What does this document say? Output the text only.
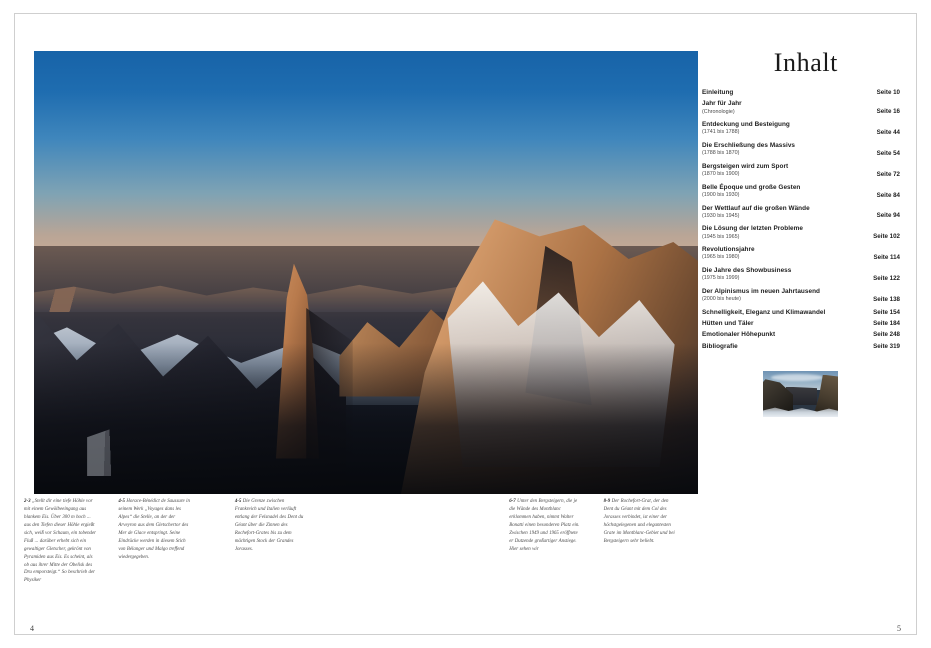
2-3 „Stellt dir eine tiefe Höhle vor mit einem Gewölbeeingang aus blankem Eis. Über 300 m hoch ... aus den Tiefen dieser Höhle ergießt sich, weiß vor Schaum, ein tobender Fluß ... darüber erhebt sich ein gewaltiger Gletscher, gekrönt von Pyramiden aus Eis. Es scheint, als ob aus ihrer Mitte der Obelisk des Dru emporsteigt.“ So beschrieb der Physiker
4-5 Horace-Bénédict de Saussure in seinem Werk „Voyages dans les Alpes“ die Stelle, an der der Arveyron aus dem Gletschertor des Mer de Glace entspringt. Seine Eindrücke werden in diesem Stich von Bélanger und Malgo treffend wiedergegeben.
4-5 Die Grenze zwischen Frankreich und Italien verläuft entlang der Felsnadel des Dent du Géant über die Zinnen des Rochefort-Grates bis zu dem mächtigen Stock der Grandes Jorasses.
6-7 Unter den Bergsteigern, die je die Wände des Montblanc erklommen haben, nimmt Walter Bonatti einen besonderen Platz ein. Zwischen 1949 und 1965 eröffnete er Dutzende großartiger Anstiege. Hier sehen wir
8-9 Der Rochefort-Grat, der den Dent du Géant mit dem Col des Jorasses verbindet, ist einer der höchstgelegenen und elegantesten Grate im Montblanc-Gebiet und bei Bergsteigern sehr beliebt.
Inhalt
Einleitung	Seite 10
Jahr für Jahr
(Chronologie)	Seite 16
Entdeckung und Besteigung
(1741 bis 1788)	Seite 44
Die Erschließung des Massivs
(1788 bis 1870)	Seite 54
Bergsteigen wird zum Sport
(1870 bis 1900)	Seite 72
Belle Époque und große Gesten
(1900 bis 1930)	Seite 84
Der Wettlauf auf die großen Wände
(1930 bis 1945)	Seite 94
Die Lösung der letzten Probleme
(1945 bis 1965)	Seite 102
Revolutionsjahre
(1965 bis 1980)	Seite 114
Die Jahre des Showbusiness
(1975 bis 1999)	Seite 122
Der Alpinismus im neuen Jahrtausend
(2000 bis heute)	Seite 138
Schnelligkeit, Eleganz und Klimawandel	Seite 154
Hütten und Täler	Seite 184
Emotionaler Höhepunkt	Seite 248
Bibliografie	Seite 319
4	5
